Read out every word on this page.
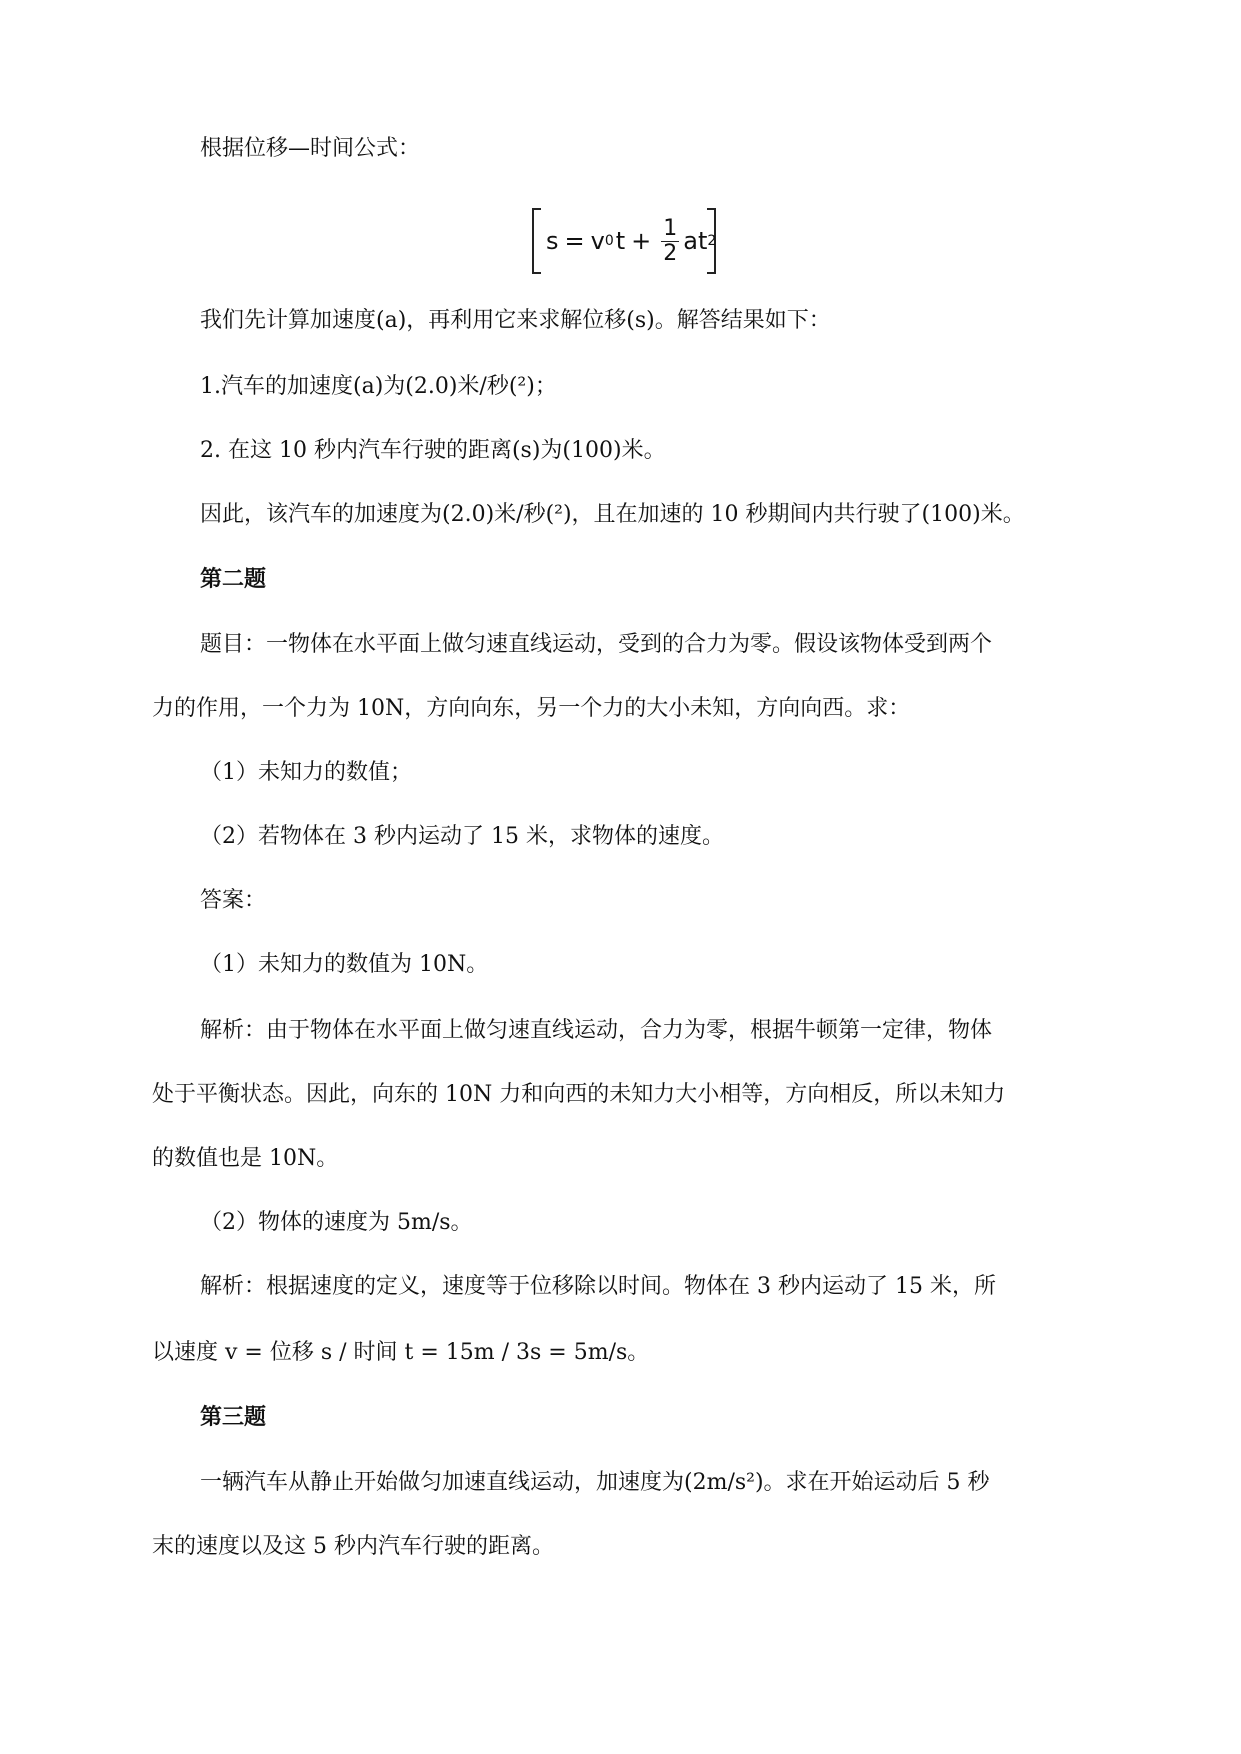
根据位移—时间公式：
s = v 0 $t + \frac{1}{2}$ at 2
我们先计算加速度(a)，再利用它来求解位移(s)。解答结果如下：
1.汽车的加速度(a)为(2.0)米/秒(²)；
2. 在这 10 秒内汽车行驶的距离(s)为(100)米。
因此，该汽车的加速度为(2.0)米/秒(²)，且在加速的 10 秒期间内共行驶了(100)米。
第二题
题目：一物体在水平面上做匀速直线运动，受到的合力为零。假设该物体受到两个
力的作用，一个力为 10N，方向向东，另一个力的大小未知，方向向西。求：
（1）未知力的数值；
（2）若物体在 3 秒内运动了 15 米，求物体的速度。
答案：
（1）未知力的数值为 10N。
解析：由于物体在水平面上做匀速直线运动，合力为零，根据牛顿第一定律，物体
处于平衡状态。因此，向东的 10N 力和向西的未知力大小相等，方向相反，所以未知力
的数值也是 10N。
（2）物体的速度为 5m/s。
解析：根据速度的定义，速度等于位移除以时间。物体在 3 秒内运动了 15 米，所
以速度 v = 位移 s / 时间 t = 15m / 3s = 5m/s。
第三题
一辆汽车从静止开始做匀加速直线运动，加速度为(2m/s²)。求在开始运动后 5 秒
末的速度以及这 5 秒内汽车行驶的距离。
